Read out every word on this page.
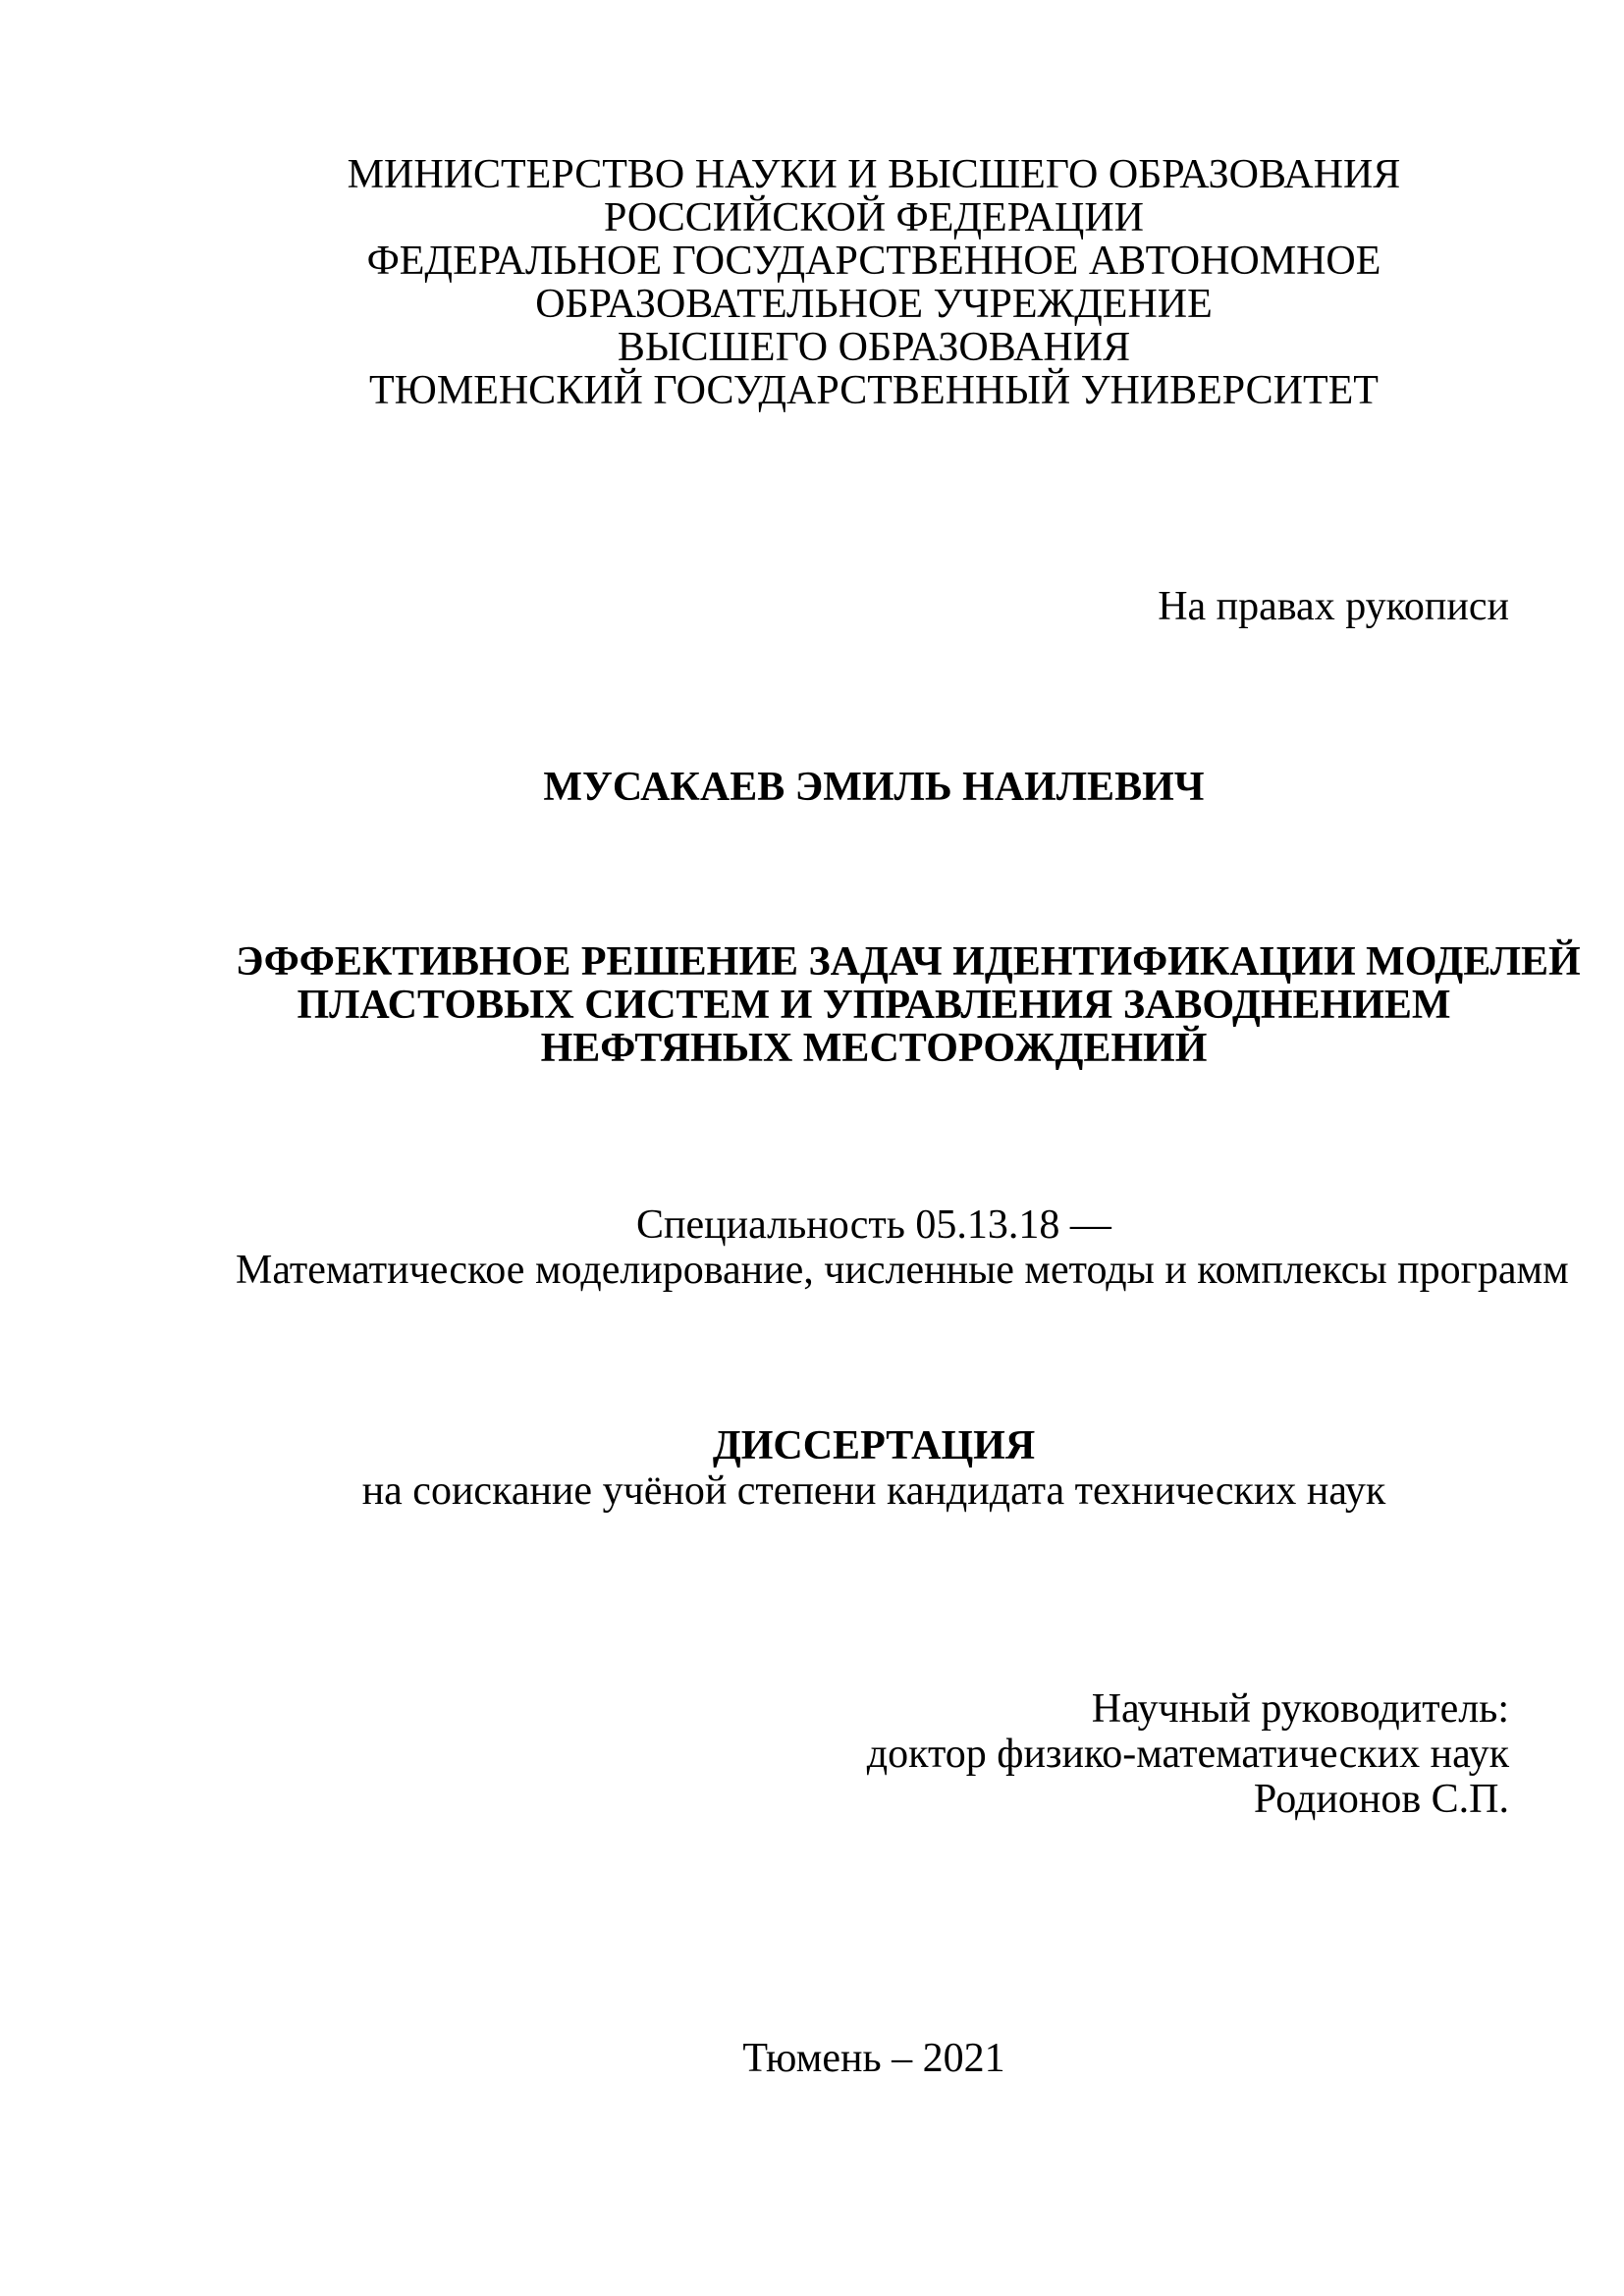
МИНИСТЕРСТВО НАУКИ И ВЫСШЕГО ОБРАЗОВАНИЯ
РОССИЙСКОЙ ФЕДЕРАЦИИ
ФЕДЕРАЛЬНОЕ ГОСУДАРСТВЕННОЕ АВТОНОМНОЕ
ОБРАЗОВАТЕЛЬНОЕ УЧРЕЖДЕНИЕ
ВЫСШЕГО ОБРАЗОВАНИЯ
ТЮМЕНСКИЙ ГОСУДАРСТВЕННЫЙ УНИВЕРСИТЕТ
На правах рукописи
МУСАКАЕВ ЭМИЛЬ НАИЛЕВИЧ
ЭФФЕКТИВНОЕ РЕШЕНИЕ ЗАДАЧ ИДЕНТИФИКАЦИИ МОДЕЛЕЙ
ПЛАСТОВЫХ СИСТЕМ И УПРАВЛЕНИЯ ЗАВОДНЕНИЕМ
НЕФТЯНЫХ МЕСТОРОЖДЕНИЙ
Специальность 05.13.18 —
Математическое моделирование, численные методы и комплексы программ
ДИССЕРТАЦИЯ
на соискание учёной степени кандидата технических наук
Научный руководитель:
доктор физико-математических наук
Родионов С.П.
Тюмень – 2021
